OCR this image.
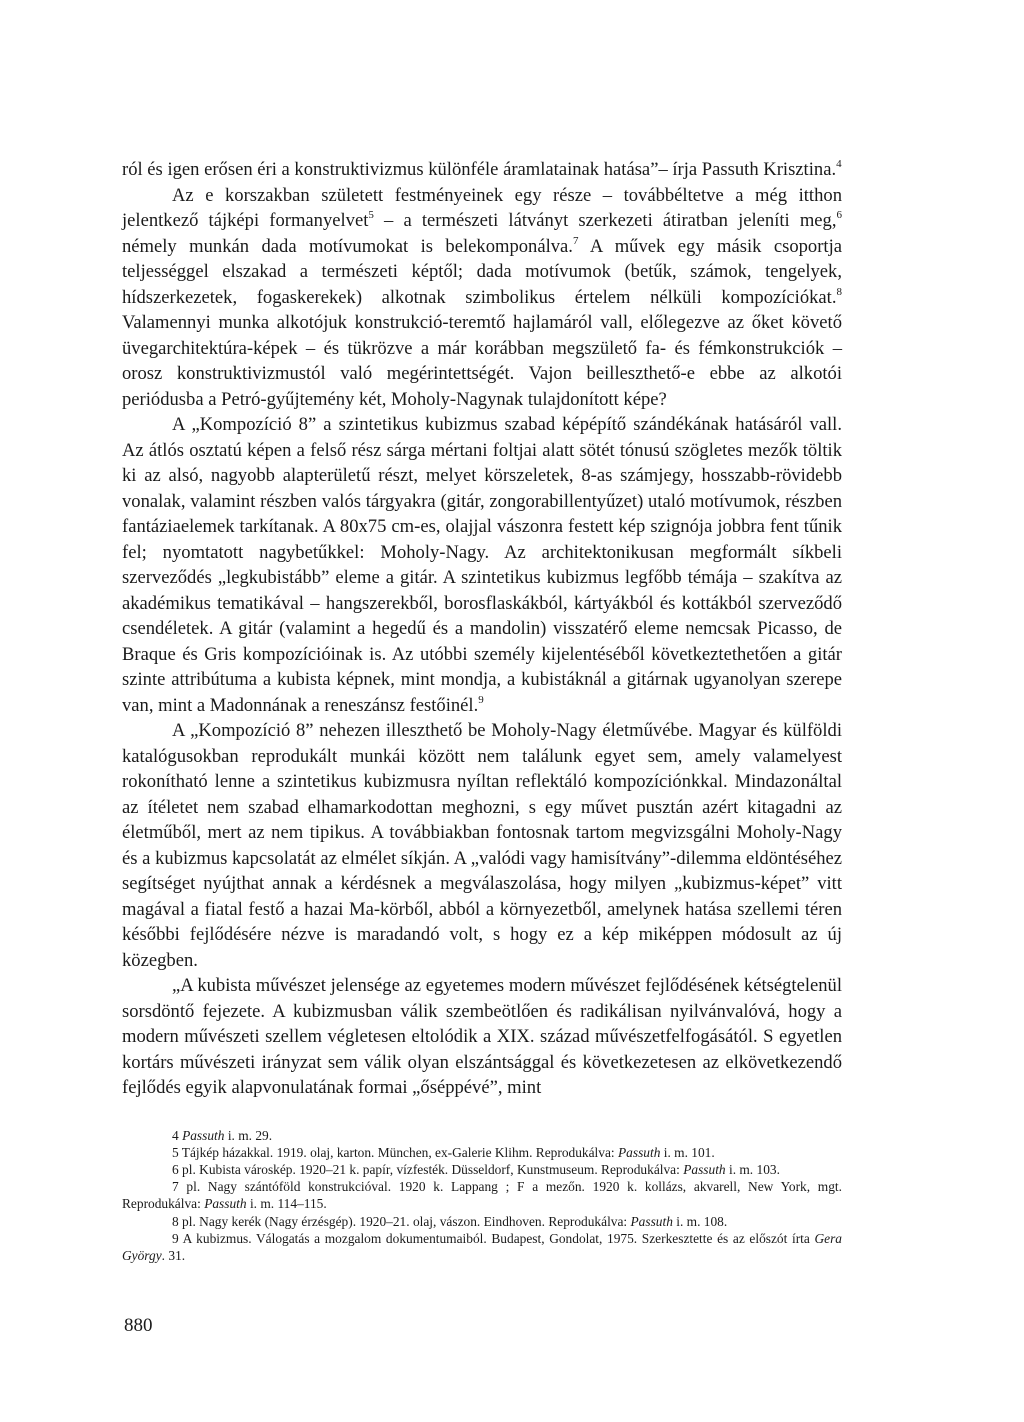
ról és igen erősen éri a konstruktivizmus különféle áramlatainak hatása”– írja Passuth Krisztina.$^4$

Az e korszakban született festményeinek egy része – továbbéltetve a még itthon jelentkező tájképi formanyelvet$^5$ – a természeti látványt szerkezeti átiratban jeleníti meg,$^6$ némely munkán dada motívumokat is belekomponálva.$^7$ A művek egy másik csoportja teljességgel elszakad a természeti képtől; dada motívumok (betűk, számok, tengelyek, hídszerkezetek, fogaskerekek) alkotnak szimbolikus értelem nélküli kompozíciókat.$^8$ Valamennyi munka alkotójuk konstrukció-teremtő hajlamáról vall, előlegezve az őket követő üvegarchitektúra-képek – és tükrözve a már korábban megszülető fa- és fémkonstrukciók – orosz konstruktivizmustól való megérintettségét. Vajon beilleszthető-e ebbe az alkotói periódusba a Petró-gyűjtemény két, Moholy-Nagynak tulajdonított képe?

A „Kompozíció 8” a szintetikus kubizmus szabad képépítő szándékának hatásáról vall. Az átlós osztatú képen a felső rész sárga mértani foltjai alatt sötét tónusú szögletes mezők töltik ki az alsó, nagyobb alapterületű részt, melyet körszeletek, 8-as számjegy, hosszabb-rövidebb vonalak, valamint részben valós tárgyakra (gitár, zongorabillentyűzet) utaló motívumok, részben fantáziaelemek tarkítanak. A 80x75 cm-es, olajjal vászonra festett kép szignója jobbra fent tűnik fel; nyomtatott nagybetűkkel: Moholy-Nagy. Az architektonikusan megformált síkbeli szerveződés „legkubistább” eleme a gitár. A szintetikus kubizmus legfőbb témája – szakítva az akadémikus tematikával – hangszerekből, borosflaskákból, kártyákból és kottákból szerveződő csendéletek. A gitár (valamint a hegedű és a mandolin) visszatérő eleme nemcsak Picasso, de Braque és Gris kompozícióinak is. Az utóbbi személy kijelentéséből következtethetően a gitár szinte attribútuma a kubista képnek, mint mondja, a kubistáknál a gitárnak ugyanolyan szerepe van, mint a Madonnának a reneszánsz festőinél.$^9$

A „Kompozíció 8” nehezen illeszthető be Moholy-Nagy életművébe. Magyar és külföldi katalógusokban reprodukált munkái között nem találunk egyet sem, amely valamelyest rokonítható lenne a szintetikus kubizmusra nyíltan reflektáló kompozíciónkkal. Mindazonáltal az ítéletet nem szabad elhamarkodottan meghozni, s egy művet pusztán azért kitagadni az életműből, mert az nem tipikus. A továbbiakban fontosnak tartom megvizsgálni Moholy-Nagy és a kubizmus kapcsolatát az elmélet síkján. A „valódi vagy hamisítvány”-dilemma eldöntéséhez segítséget nyújthat annak a kérdésnek a megválaszolása, hogy milyen „kubizmus-képet” vitt magával a fiatal festő a hazai Ma-körből, abból a környezetből, amelynek hatása szellemi téren későbbi fejlődésére nézve is maradandó volt, s hogy ez a kép miképpen módosult az új közegben.

„A kubista művészet jelensége az egyetemes modern művészet fejlődésének kétségtelenül sorsdöntő fejezete. A kubizmusban válik szembeötlően és radikálisan nyilvánvalóvá, hogy a modern művészeti szellem végletesen eltolódik a XIX. század művészetfelfogásától. S egyetlen kortárs művészeti irányzat sem válik olyan elszántsággal és következetesen az elkövetkezendő fejlődés egyik alapvonulatának formai „őséppévé”, mint

4 Passuth i. m. 29.

5 Tájkép házakkal. 1919. olaj, karton. München, ex-Galerie Klihm. Reprodukálva: Passuth i. m. 101.

6 pl. Kubista városkép. 1920–21 k. papír, vízfesték. Düsseldorf, Kunstmuseum. Reprodukálva: Passuth i. m. 103.

7 pl. Nagy szántóföld konstrukcióval. 1920 k. Lappang ; F a mezőn. 1920 k. kollázs, akvarell, New York, mgt. Reprodukálva: Passuth i. m. 114–115.

8 pl. Nagy kerék (Nagy érzésgép). 1920–21. olaj, vászon. Eindhoven. Reprodukálva: Passuth i. m. 108.

9 A kubizmus. Válogatás a mozgalom dokumentumaiból. Budapest, Gondolat, 1975. Szerkesztette és az előszót írta Gera György. 31.

880
